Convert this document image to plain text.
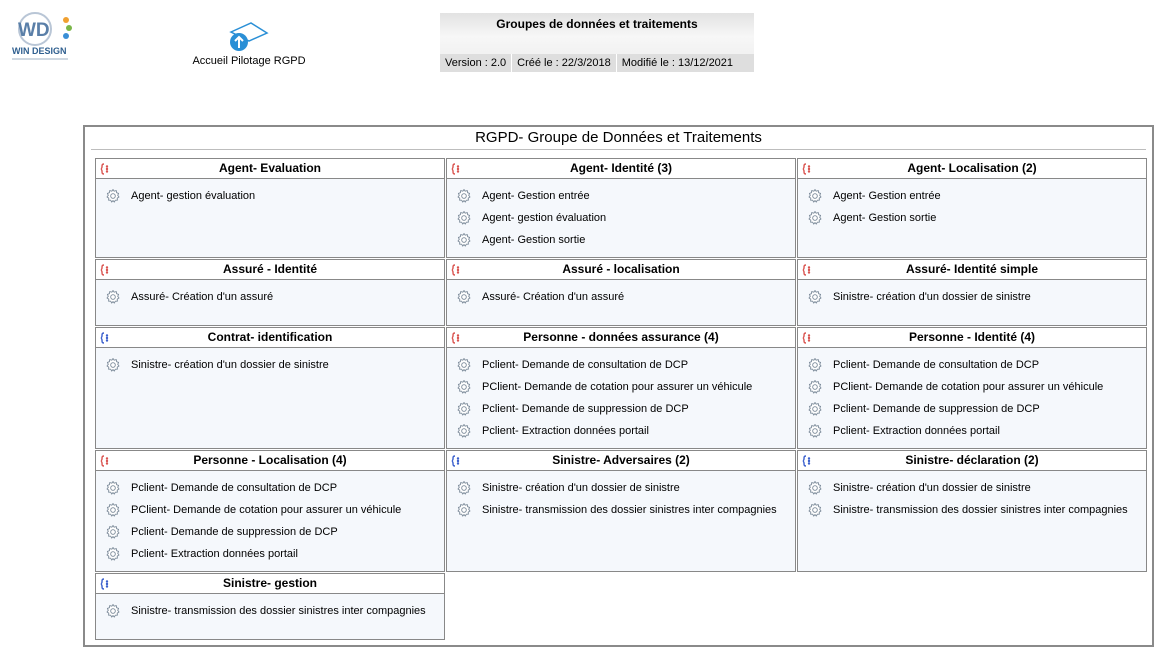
WD
WIN DESIGN
Accueil Pilotage RGPD
Groupes de données et traitements
Version : 2.0	Créé le : 22/3/2018	Modifié le : 13/12/2021
RGPD- Groupe de Données et Traitements
Agent- Evaluation
Agent- gestion évaluation
Agent- Identité (3)
Agent- Gestion entrée
Agent- gestion évaluation
Agent- Gestion sortie
Agent- Localisation (2)
Agent- Gestion entrée
Agent- Gestion sortie
Assuré - Identité
Assuré- Création d'un assuré
Assuré - localisation
Assuré- Création d'un assuré
Assuré- Identité simple
Sinistre- création d'un dossier de sinistre
Contrat- identification
Sinistre- création d'un dossier de sinistre
Personne - données assurance (4)
Pclient- Demande de consultation de DCP
PClient- Demande de cotation pour assurer un véhicule
Pclient- Demande de suppression de DCP
Pclient- Extraction données portail
Personne - Identité (4)
Pclient- Demande de consultation de DCP
PClient- Demande de cotation pour assurer un véhicule
Pclient- Demande de suppression de DCP
Pclient- Extraction données portail
Personne - Localisation (4)
Pclient- Demande de consultation de DCP
PClient- Demande de cotation pour assurer un véhicule
Pclient- Demande de suppression de DCP
Pclient- Extraction données portail
Sinistre- Adversaires (2)
Sinistre- création d'un dossier de sinistre
Sinistre- transmission des dossier sinistres inter compagnies
Sinistre- déclaration (2)
Sinistre- création d'un dossier de sinistre
Sinistre- transmission des dossier sinistres inter compagnies
Sinistre- gestion
Sinistre- transmission des dossier sinistres inter compagnies
